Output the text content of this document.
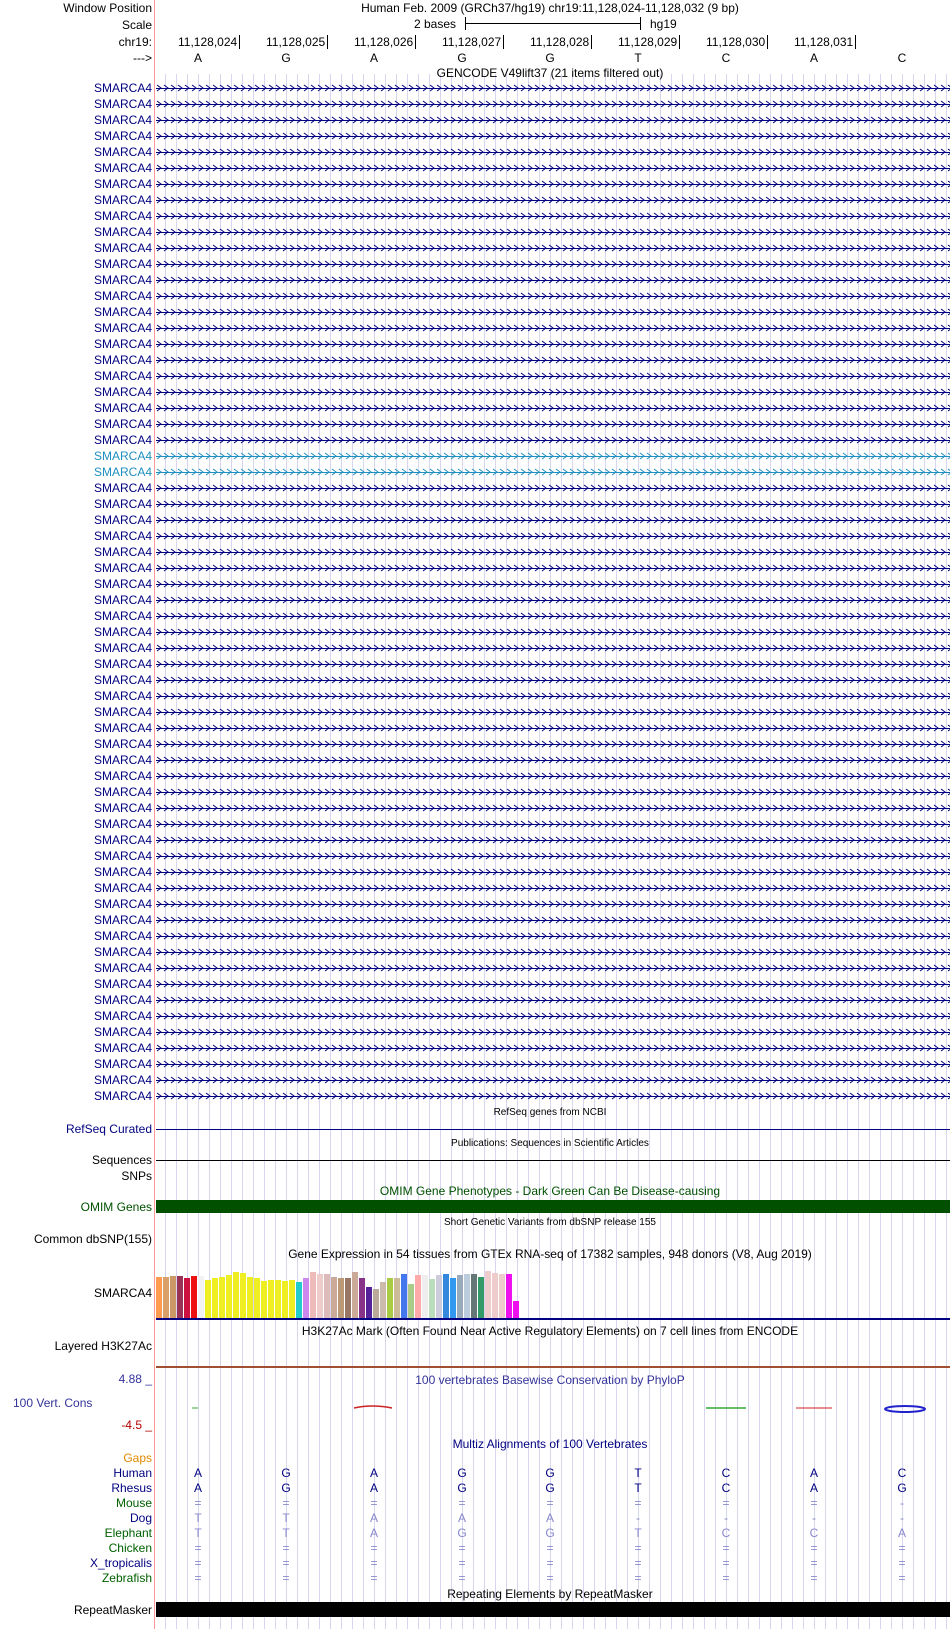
Window Position	Human Feb. 2009 (GRCh37/hg19) chr19:11,128,024-11,128,032 (9 bp)
Scale	2 bases	hg19
chr19: 11,128,024 11,128,025 11,128,026 11,128,027 11,128,028 11,128,029 11,128,030 11,128,031
--->	A	G	A	G	G	T	C	A	C
GENCODE V49lift37 (21 items filtered out)
SMARCA4
SMARCA4
SMARCA4
SMARCA4
SMARCA4
SMARCA4
SMARCA4
SMARCA4
SMARCA4
SMARCA4
SMARCA4
SMARCA4
SMARCA4
SMARCA4
SMARCA4
SMARCA4
SMARCA4
SMARCA4
SMARCA4
SMARCA4
SMARCA4
SMARCA4
SMARCA4
SMARCA4
SMARCA4
SMARCA4
SMARCA4
SMARCA4
SMARCA4
SMARCA4
SMARCA4
SMARCA4
SMARCA4
SMARCA4
SMARCA4
SMARCA4
SMARCA4
SMARCA4
SMARCA4
SMARCA4
SMARCA4
SMARCA4
SMARCA4
SMARCA4
SMARCA4
SMARCA4
SMARCA4
SMARCA4
SMARCA4
SMARCA4
SMARCA4
SMARCA4
SMARCA4
SMARCA4
SMARCA4
SMARCA4
SMARCA4
SMARCA4
SMARCA4
SMARCA4
SMARCA4
SMARCA4
SMARCA4
SMARCA4
RefSeq genes from NCBI
RefSeq Curated
Publications: Sequences in Scientific Articles
Sequences
SNPs
OMIM Gene Phenotypes - Dark Green Can Be Disease-causing
OMIM Genes
Short Genetic Variants from dbSNP release 155
Common dbSNP(155)
Gene Expression in 54 tissues from GTEx RNA-seq of 17382 samples, 948 donors (V8, Aug 2019)
SMARCA4
H3K27Ac Mark (Often Found Near Active Regulatory Elements) on 7 cell lines from ENCODE
Layered H3K27Ac
100 vertebrates Basewise Conservation by PhyloP
4.88 _
100 Vert. Cons
-4.5 _
Multiz Alignments of 100 Vertebrates
Gaps
Human	A	G	A	G	G	T	C	A	C
Rhesus	A	G	A	G	G	T	C	A	G
Mouse	=	=	=	=	=	=	=	=	-
Dog	T	T	A	A	A	-	-	-	-
Elephant	T	T	A	G	G	T	C	C	A
Chicken	=	=	=	=	=	=	=	=	=
X_tropicalis	=	=	=	=	=	=	=	=	=
Zebrafish	=	=	=	=	=	=	=	=	=
Repeating Elements by RepeatMasker
RepeatMasker
